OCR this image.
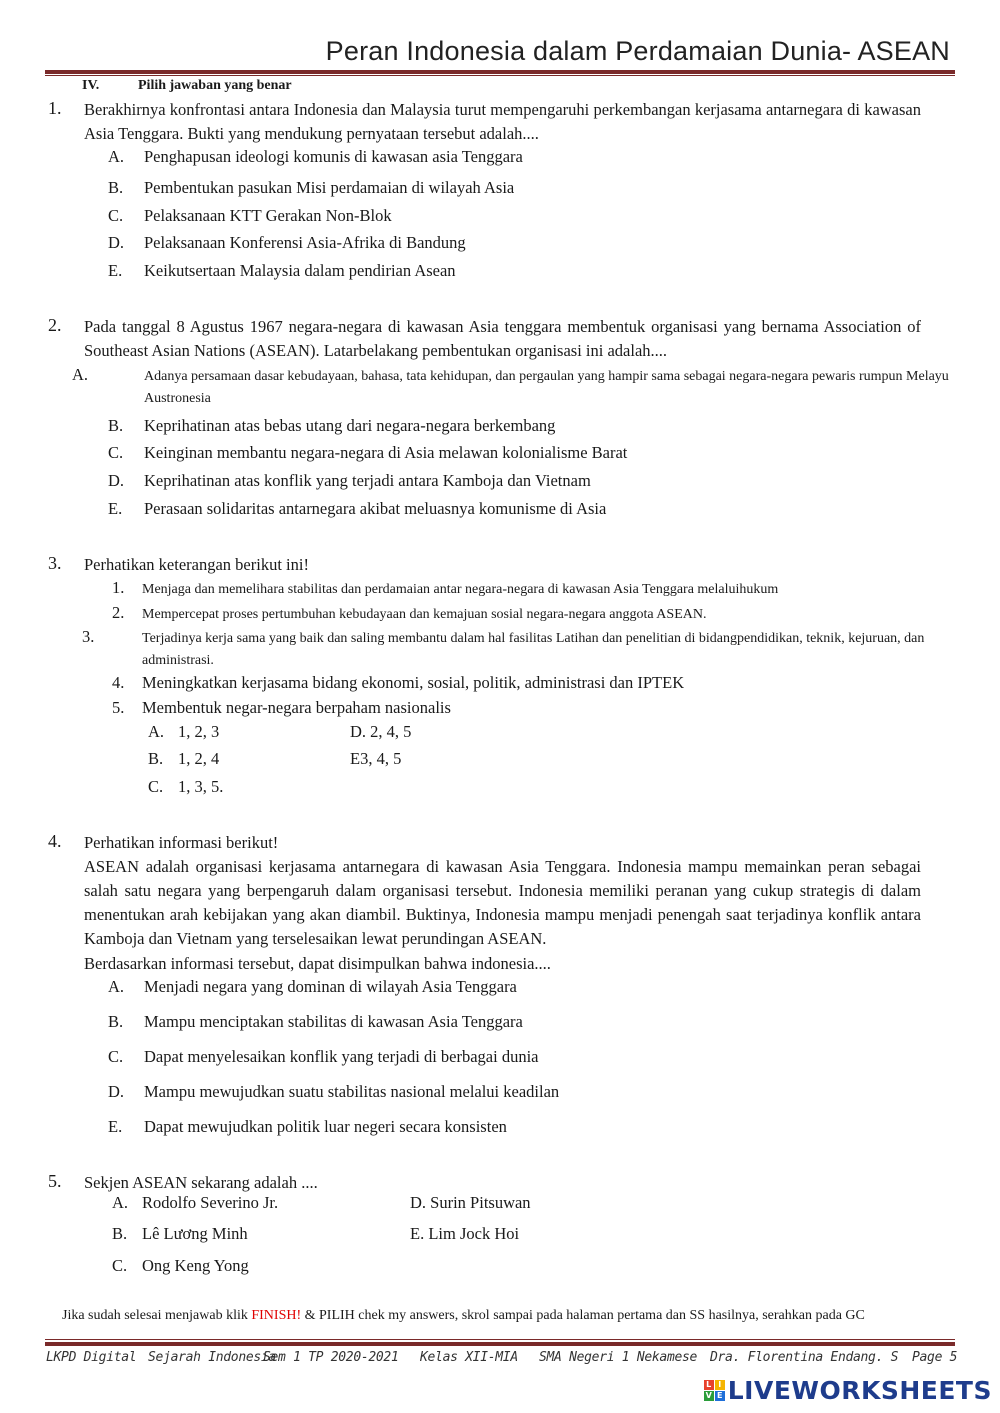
Peran Indonesia dalam Perdamaian Dunia- ASEAN
IV.	Pilih jawaban yang benar
1. Berakhirnya konfrontasi antara Indonesia dan Malaysia turut mempengaruhi perkembangan kerjasama antarnegara di kawasan Asia Tenggara. Bukti yang mendukung pernyataan tersebut adalah....
A. Penghapusan ideologi komunis di kawasan asia Tenggara
B. Pembentukan pasukan Misi perdamaian di wilayah Asia
C. Pelaksanaan KTT Gerakan Non-Blok
D. Pelaksanaan Konferensi Asia-Afrika di Bandung
E. Keikutsertaan Malaysia dalam pendirian Asean
2. Pada tanggal 8 Agustus 1967 negara-negara di kawasan Asia tenggara membentuk organisasi yang bernama Association of Southeast Asian Nations (ASEAN). Latarbelakang pembentukan organisasi ini adalah....
A.	Adanya persamaan dasar kebudayaan, bahasa, tata kehidupan, dan pergaulan yang hampir sama sebagai negara-negara pewaris rumpun Melayu Austronesia
B. Keprihatinan atas bebas utang dari negara-negara berkembang
C. Keinginan membantu negara-negara di Asia melawan kolonialisme Barat
D. Keprihatinan atas konflik yang terjadi antara Kamboja dan Vietnam
E. Perasaan solidaritas antarnegara akibat meluasnya komunisme di Asia
3. Perhatikan keterangan berikut ini!
1. Menjaga dan memelihara stabilitas dan perdamaian antar negara-negara di kawasan Asia Tenggara melaluihukum
2. Mempercepat proses pertumbuhan kebudayaan dan kemajuan sosial negara-negara anggota ASEAN.
3.	Terjadinya kerja sama yang baik dan saling membantu dalam hal fasilitas Latihan dan penelitian di bidangpendidikan, teknik, kejuruan, dan administrasi.
4. Meningkatkan kerjasama bidang ekonomi, sosial, politik, administrasi dan IPTEK
5. Membentuk negar-negara berpaham nasionalis
A. 1, 2, 3
B. 1, 2, 4
C. 1, 3, 5.
D. 2, 4, 5
E3, 4, 5
4. Perhatikan informasi berikut!
ASEAN adalah organisasi kerjasama antarnegara di kawasan Asia Tenggara. Indonesia mampu memainkan peran sebagai salah satu negara yang berpengaruh dalam organisasi tersebut. Indonesia memiliki peranan yang cukup strategis di dalam menentukan arah kebijakan yang akan diambil. Buktinya, Indonesia mampu menjadi penengah saat terjadinya konflik antara Kamboja dan Vietnam yang terselesaikan lewat perundingan ASEAN.
Berdasarkan informasi tersebut, dapat disimpulkan bahwa indonesia....
A. Menjadi negara yang dominan di wilayah Asia Tenggara
B. Mampu menciptakan stabilitas di kawasan Asia Tenggara
C. Dapat menyelesaikan konflik yang terjadi di berbagai dunia
D. Mampu mewujudkan suatu stabilitas nasional melalui keadilan
E. Dapat mewujudkan politik luar negeri secara konsisten
5. Sekjen ASEAN sekarang adalah ....
A. Rodolfo Severino Jr.
B. Lê Lương Minh
C. Ong Keng Yong
D. Surin Pitsuwan
E. Lim Jock Hoi
Jika sudah selesai menjawab klik FINISH! & PILIH chek my answers, skrol sampai pada halaman pertama dan SS hasilnya, serahkan pada GC
LKPD Digital Sejarah Indonesia
Sem 1 TP 2020-2021 Kelas XII-MIA SMA Negeri 1 Nekamese Dra. Florentina Endang. S Page 5
L I
V E LIVEWORKSHEETS
